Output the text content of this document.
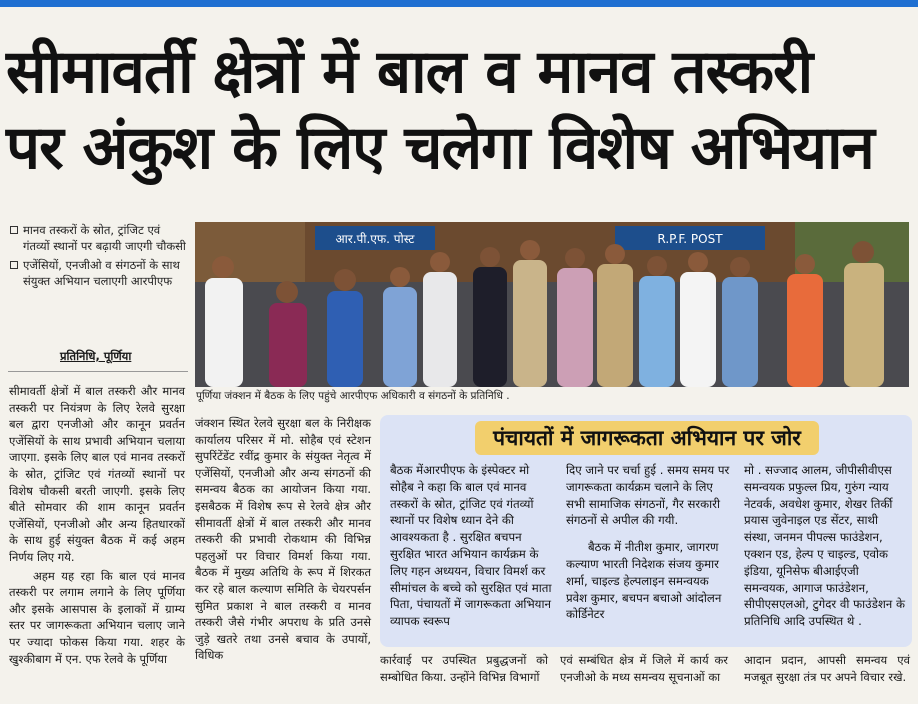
सीमावर्ती क्षेत्रों में बाल व मानव तस्करी
पर अंकुश के लिए चलेगा विशेष अभियान
मानव तस्करों के स्रोत, ट्रांजिट एवं गंतव्यों स्थानों पर बढ़ायी जाएगी चौकसी
एजेंसियों, एनजीओ व संगठनों के साथ संयुक्त अभियान चलाएगी आरपीएफ
प्रतिनिधि, पूर्णिया
आर.पी.एफ. पोस्ट	R.P.F. POST
पूर्णिया जंक्शन में बैठक के लिए पहुंचे आरपीएफ अधिकारी व संगठनों के प्रतिनिधि .

सीमावर्ती क्षेत्रों में बाल तस्करी और मानव तस्करी पर नियंत्रण के लिए रेलवे सुरक्षा बल द्वारा एनजीओ और कानून प्रवर्तन एजेंसियों के साथ प्रभावी अभियान चलाया जाएगा. इसके लिए बाल एवं मानव तस्करों के स्रोत, ट्रांजिट एवं गंतव्यों स्थानों पर विशेष चौकसी बरती जाएगी. इसके लिए बीते सोमवार की शाम कानून प्रवर्तन एजेंसियों, एनजीओ और अन्य हितधारकों के साथ हुई संयुक्त बैठक में कई अहम निर्णय लिए गये.

अहम यह रहा कि बाल एवं मानव तस्करी पर लगाम लगाने के लिए पूर्णिया और इसके आसपास के इलाकों में ग्राम्य स्तर पर जागरूकता अभियान चलाए जाने पर ज्यादा फोकस किया गया. शहर के खुश्कीबाग में एन. एफ रेलवे के पूर्णिया

जंक्शन स्थित रेलवे सुरक्षा बल के निरीक्षक कार्यालय परिसर में मो. सोहैब एवं स्टेशन सुपरिंटेंडेंट रवींद्र कुमार के संयुक्त नेतृत्व में एजेंसियों, एनजीओ और अन्य संगठनों की समन्वय बैठक का आयोजन किया गया. इसबैठक में विशेष रूप से रेलवे क्षेत्र और सीमावर्ती क्षेत्रों में बाल तस्करी और मानव तस्करी की प्रभावी रोकथाम की विभिन्न पहलुओं पर विचार विमर्श किया गया. बैठक में मुख्य अतिथि के रूप में शिरकत कर रहे बाल कल्याण समिति के चेयरपर्सन सुमित प्रकाश ने बाल तस्करी व मानव तस्करी जैसे गंभीर अपराध के प्रति उनसे जुड़े खतरे तथा उनसे बचाव के उपायों, विधिक

पंचायतों में जागरूकता अभियान पर जोर

बैठक मेंआरपीएफ के इंस्पेक्टर मो सोहैब ने कहा कि बाल एवं मानव तस्करों के स्रोत, ट्रांजिट एवं गंतव्यों स्थानों पर विशेष ध्यान देने की आवश्यकता है . सुरक्षित बचपन सुरक्षित भारत अभियान कार्यक्रम के लिए गहन अध्ययन, विचार विमर्श कर सीमांचल के बच्चे को सुरक्षित एवं माता पिता, पंचायतों में जागरूकता अभियान व्यापक स्वरूप

दिए जाने पर चर्चा हुई . समय समय पर जागरूकता कार्यक्रम चलाने के लिए सभी सामाजिक संगठनों, गैर सरकारी संगठनों से अपील की गयी.

बैठक में नीतीश कुमार, जागरण कल्याण भारती निदेशक संजय कुमार शर्मा, चाइल्ड हेल्पलाइन समन्वयक प्रवेश कुमार, बचपन बचाओ आंदोलन कोर्डिनेटर

मो . सज्जाद आलम, जीपीसीवीएस समन्वयक प्रफुल्ल प्रिय, गुरुंग न्याय नेटवर्क, अवधेश कुमार, शेखर तिर्की प्रयास जुवेनाइल एड सेंटर, साथी संस्था, जनमन पीपल्स फाउंडेशन, एक्शन एड, हेल्प ए चाइल्ड, एवोक इंडिया, यूनिसेफ बीआईएजी समन्वयक, आगाज फाउंडेशन, सीपीएसएलओ, टुगेदर वी फाउंडेशन के प्रतिनिधि आदि उपस्थित थे .

कार्रवाई पर उपस्थित प्रबुद्धजनों को सम्बोधित किया. उन्होंने विभिन्न विभागों

एवं सम्बंधित क्षेत्र में जिले में कार्य कर एनजीओ के मध्य समन्वय सूचनाओं का

आदान प्रदान, आपसी समन्वय एवं मजबूत सुरक्षा तंत्र पर अपने विचार रखे.
